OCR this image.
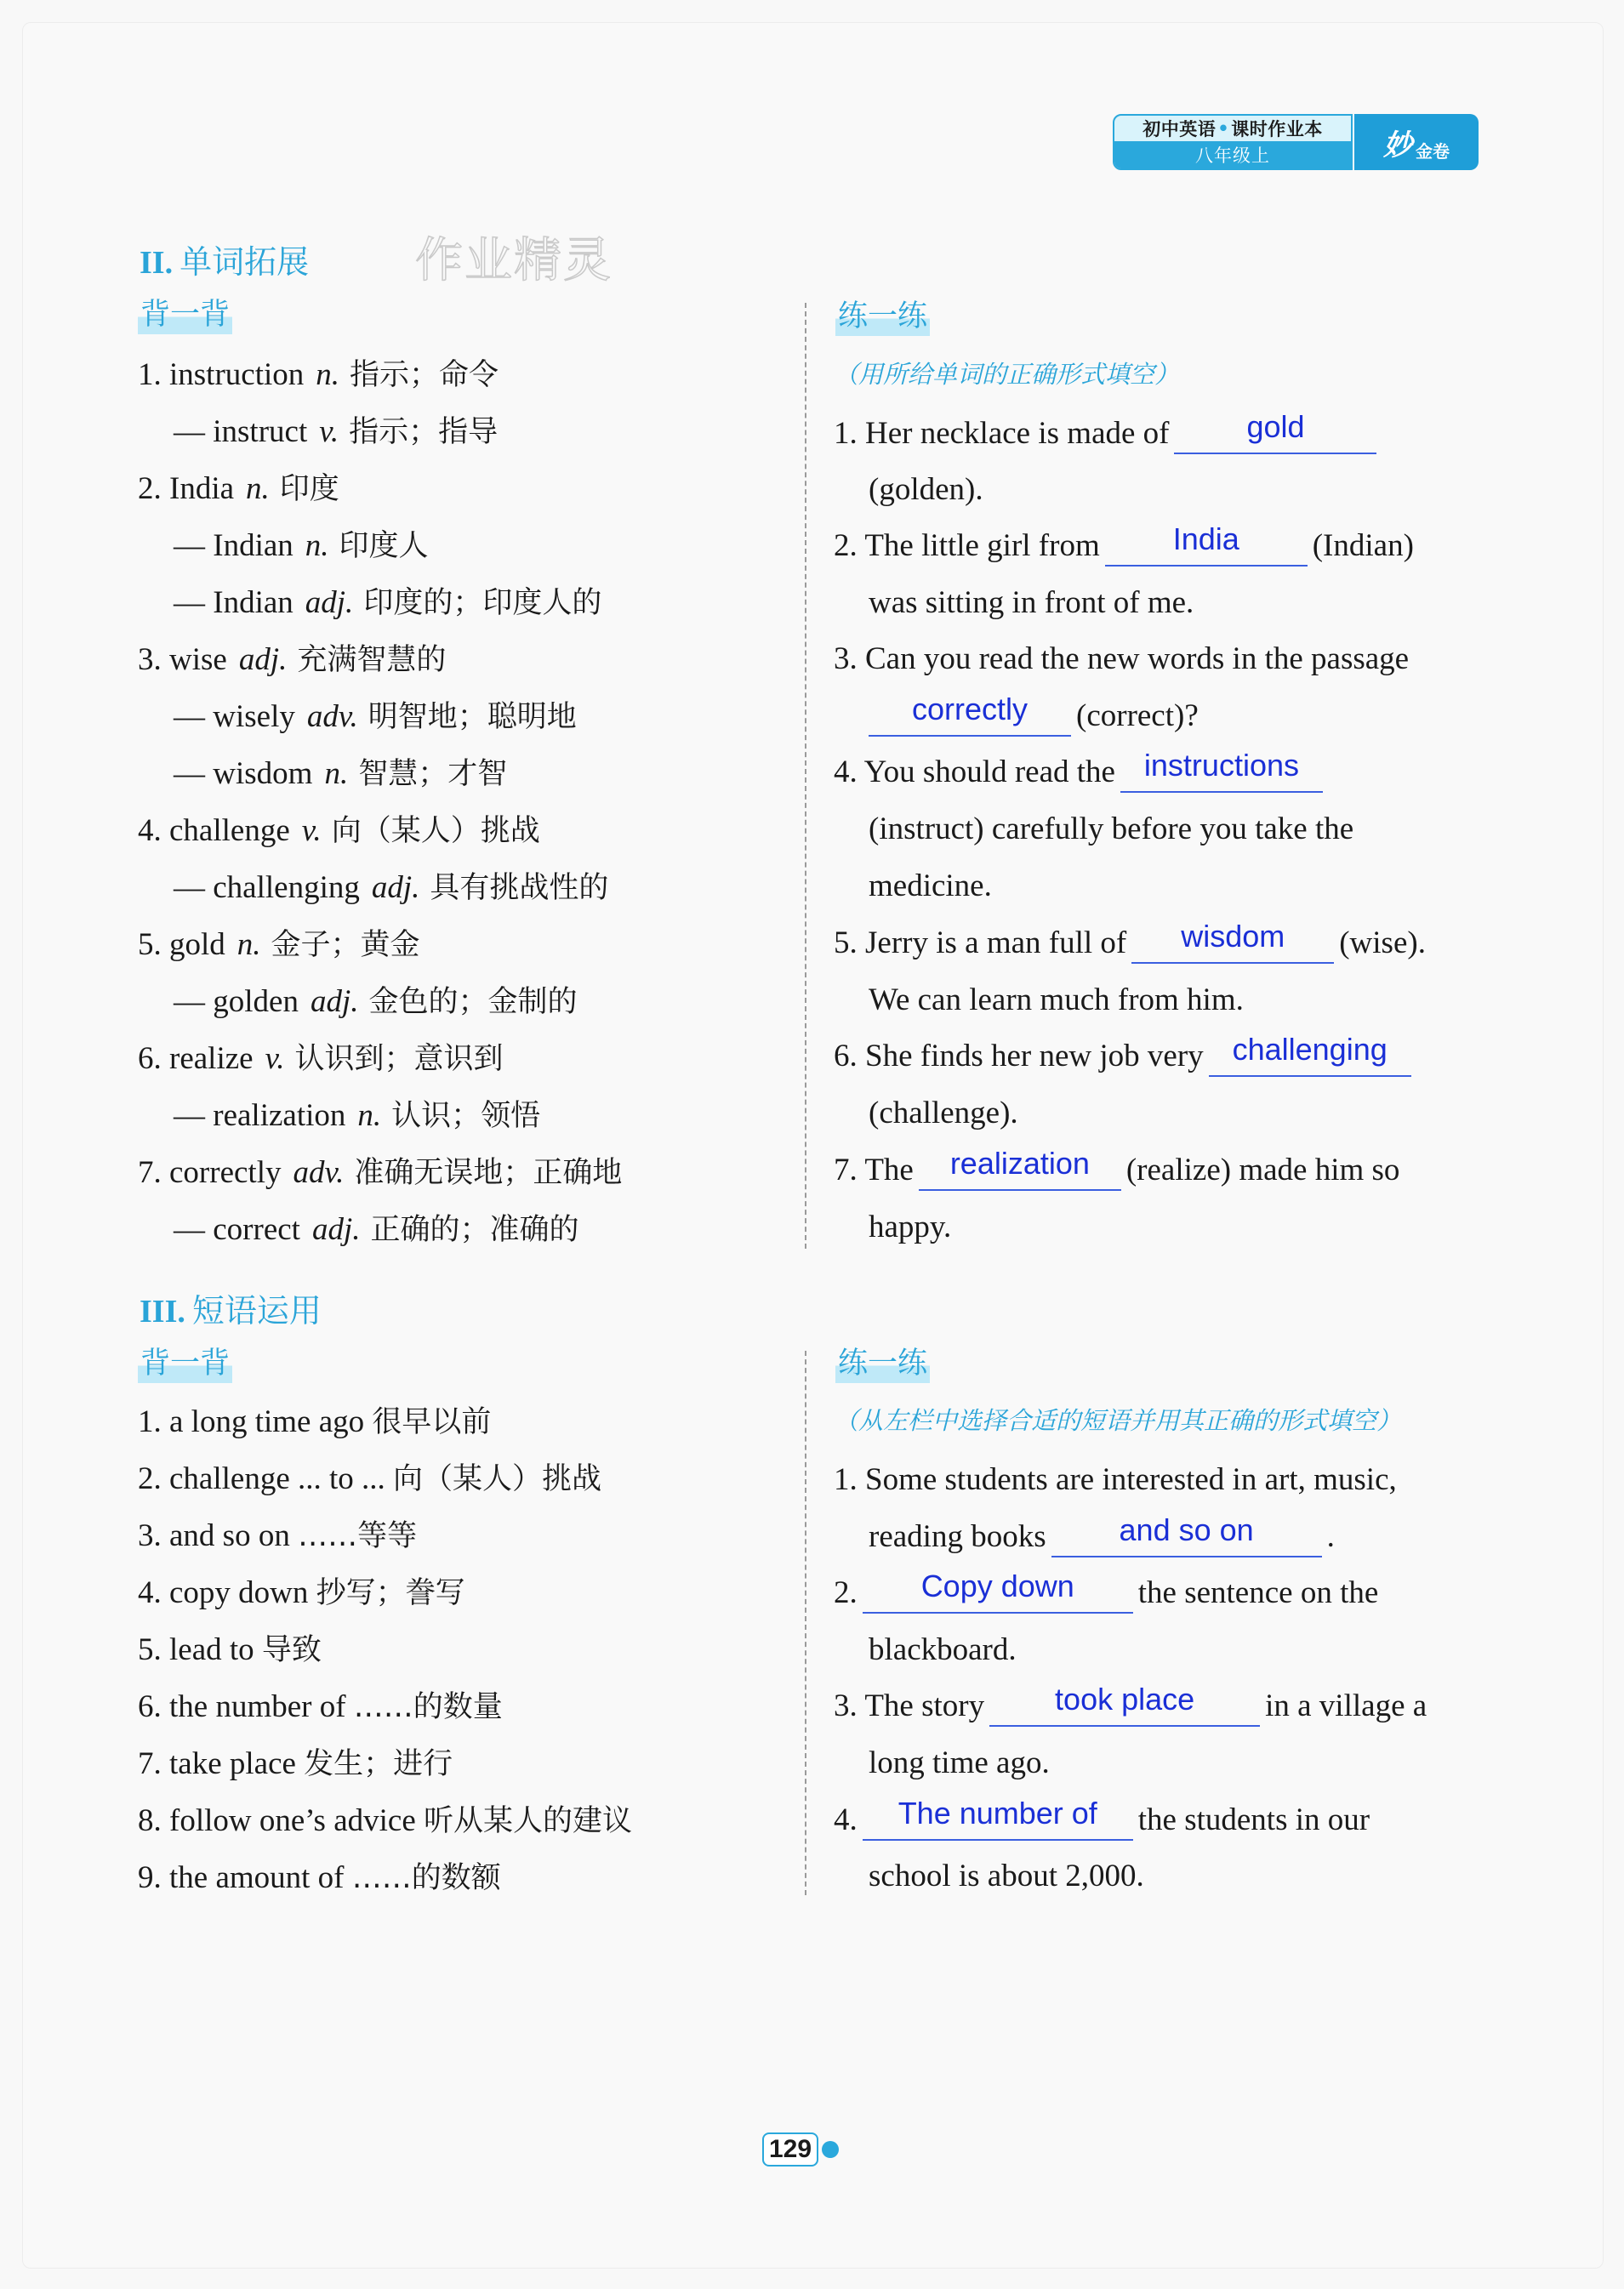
初中英语 • 课时作业本
八年级上	妙 金卷
II. 单词拓展 作业精灵
背一背	练一练
（用所给单词的正确形式填空）
1. instruction n. 指示；命令
— instruct v. 指示；指导
2. India n. 印度
— Indian n. 印度人
— Indian adj. 印度的；印度人的
3. wise adj. 充满智慧的
— wisely adv. 明智地；聪明地
— wisdom n. 智慧；才智
4. challenge v. 向（某人）挑战
— challenging adj. 具有挑战性的
5. gold n. 金子；黄金
— golden adj. 金色的；金制的
6. realize v. 认识到；意识到
— realization n. 认识；领悟
7. correctly adv. 准确无误地；正确地
— correct adj. 正确的；准确的
1. Her necklace is made of	gold
(golden).
2. The little girl from	India	(Indian)
was sitting in front of me.
3. Can you read the new words in the passage
correctly	(correct)?
4. You should read the instructions
(instruct) carefully before you take the
medicine.
5. Jerry is a man full of	wisdom	(wise).
We can learn much from him.
6. She finds her new job very challenging
(challenge).
7. The	realization	(realize) made him so
happy.
III. 短语运用
背一背	练一练
（从左栏中选择合适的短语并用其正确的形式填空）
1. a long time ago 很早以前
2. challenge ... to ... 向（某人）挑战
3. and so on ……等等
4. copy down 抄写；誊写
5. lead to 导致
6. the number of ……的数量
7. take place 发生；进行
8. follow one’s advice 听从某人的建议
9. the amount of ……的数额
1. Some students are interested in art, music,
reading books	and so on	.
2.	Copy down	the sentence on the
blackboard.
3. The story	took place	in a village a
long time ago.
4.	The number of	the students in our
school is about 2,000.
129
